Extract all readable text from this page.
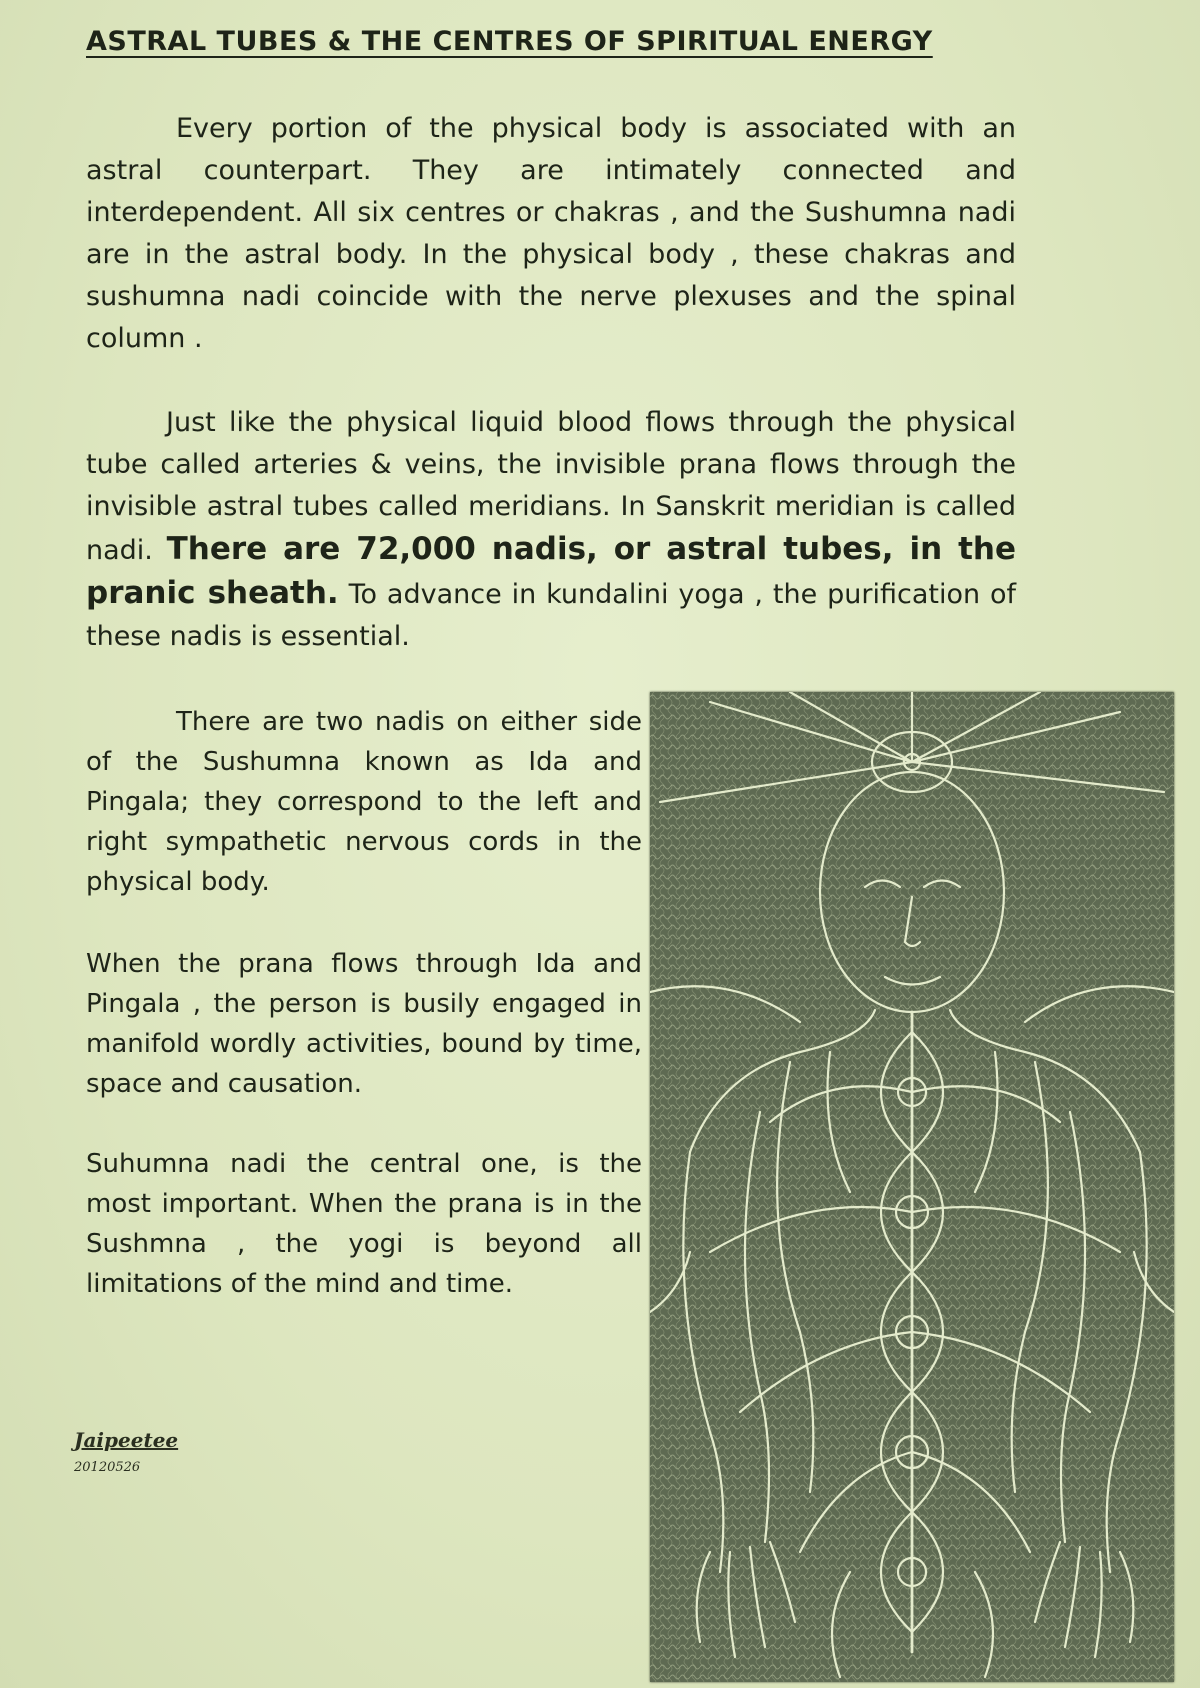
ASTRAL TUBES & THE CENTRES OF SPIRITUAL ENERGY

Every portion of the physical body is associated with an astral counterpart. They are intimately connected and interdependent. All six centres or chakras , and the Sushumna nadi are in the astral body. In the physical body , these chakras and sushumna nadi coincide with the nerve plexuses and the spinal column .

Just like the physical liquid blood flows through the physical tube called arteries & veins, the invisible prana flows through the invisible astral tubes called meridians. In Sanskrit meridian is called nadi. There are 72,000 nadis, or astral tubes, in the pranic sheath. To advance in kundalini yoga , the purification of these nadis is essential.

There are two nadis on either side of the Sushumna known as Ida and Pingala; they correspond to the left and right sympathetic nervous cords in the physical body.

When the prana flows through Ida and Pingala , the person is busily engaged in manifold wordly activities, bound by time, space and causation.

Suhumna nadi the central one, is the most important. When the prana is in the Sushmna , the yogi is beyond all limitations of the mind and time.

Jaipeetee
20120526
